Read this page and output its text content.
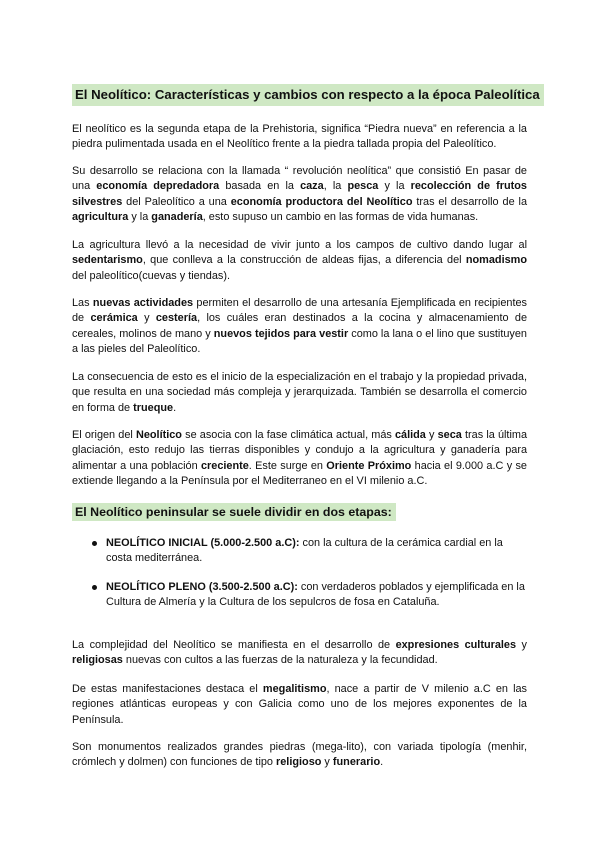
El Neolítico: Características y cambios con respecto a la época Paleolítica

El neolítico es la segunda etapa de la Prehistoria, significa “Piedra nueva” en referencia a la piedra pulimentada usada en el Neolítico frente a la piedra tallada propia del Paleolítico.

Su desarrollo se relaciona con la llamada “ revolución neolítica” que consistió En pasar de una economía depredadora basada en la caza, la pesca y la recolección de frutos silvestres del Paleolítico a una economía productora del Neolítico tras el desarrollo de la agricultura y la ganadería, esto supuso un cambio en las formas de vida humanas.

La agricultura llevó a la necesidad de vivir junto a los campos de cultivo dando lugar al sedentarismo, que conlleva a la construcción de aldeas fijas, a diferencia del nomadismo del paleolítico(cuevas y tiendas).

Las nuevas actividades permiten el desarrollo de una artesanía Ejemplificada en recipientes de cerámica y cestería, los cuáles eran destinados a la cocina y almacenamiento de cereales, molinos de mano y nuevos tejidos para vestir como la lana o el lino que sustituyen a las pieles del Paleolítico.

La consecuencia de esto es el inicio de la especialización en el trabajo y la propiedad privada, que resulta en una sociedad más compleja y jerarquizada. También se desarrolla el comercio en forma de trueque.

El origen del Neolítico se asocia con la fase climática actual, más cálida y seca tras la última glaciación, esto redujo las tierras disponibles y condujo a la agricultura y ganadería para alimentar a una población creciente. Este surge en Oriente Próximo hacia el 9.000 a.C y se extiende llegando a la Península por el Mediterraneo en el VI milenio a.C.

El Neolítico peninsular se suele dividir en dos etapas:
NEOLÍTICO INICIAL (5.000-2.500 a.C): con la cultura de la cerámica cardial en la costa mediterránea.
NEOLÍTICO PLENO (3.500-2.500 a.C): con verdaderos poblados y ejemplificada en la Cultura de Almería y la Cultura de los sepulcros de fosa en Cataluña.

La complejidad del Neolítico se manifiesta en el desarrollo de expresiones culturales y religiosas nuevas con cultos a las fuerzas de la naturaleza y la fecundidad.

De estas manifestaciones destaca el megalitismo, nace a partir de V milenio a.C en las regiones atlánticas europeas y con Galicia como uno de los mejores exponentes de la Península.

Son monumentos realizados grandes piedras (mega-lito), con variada tipología (menhir, crómlech y dolmen) con funciones de tipo religioso y funerario.
